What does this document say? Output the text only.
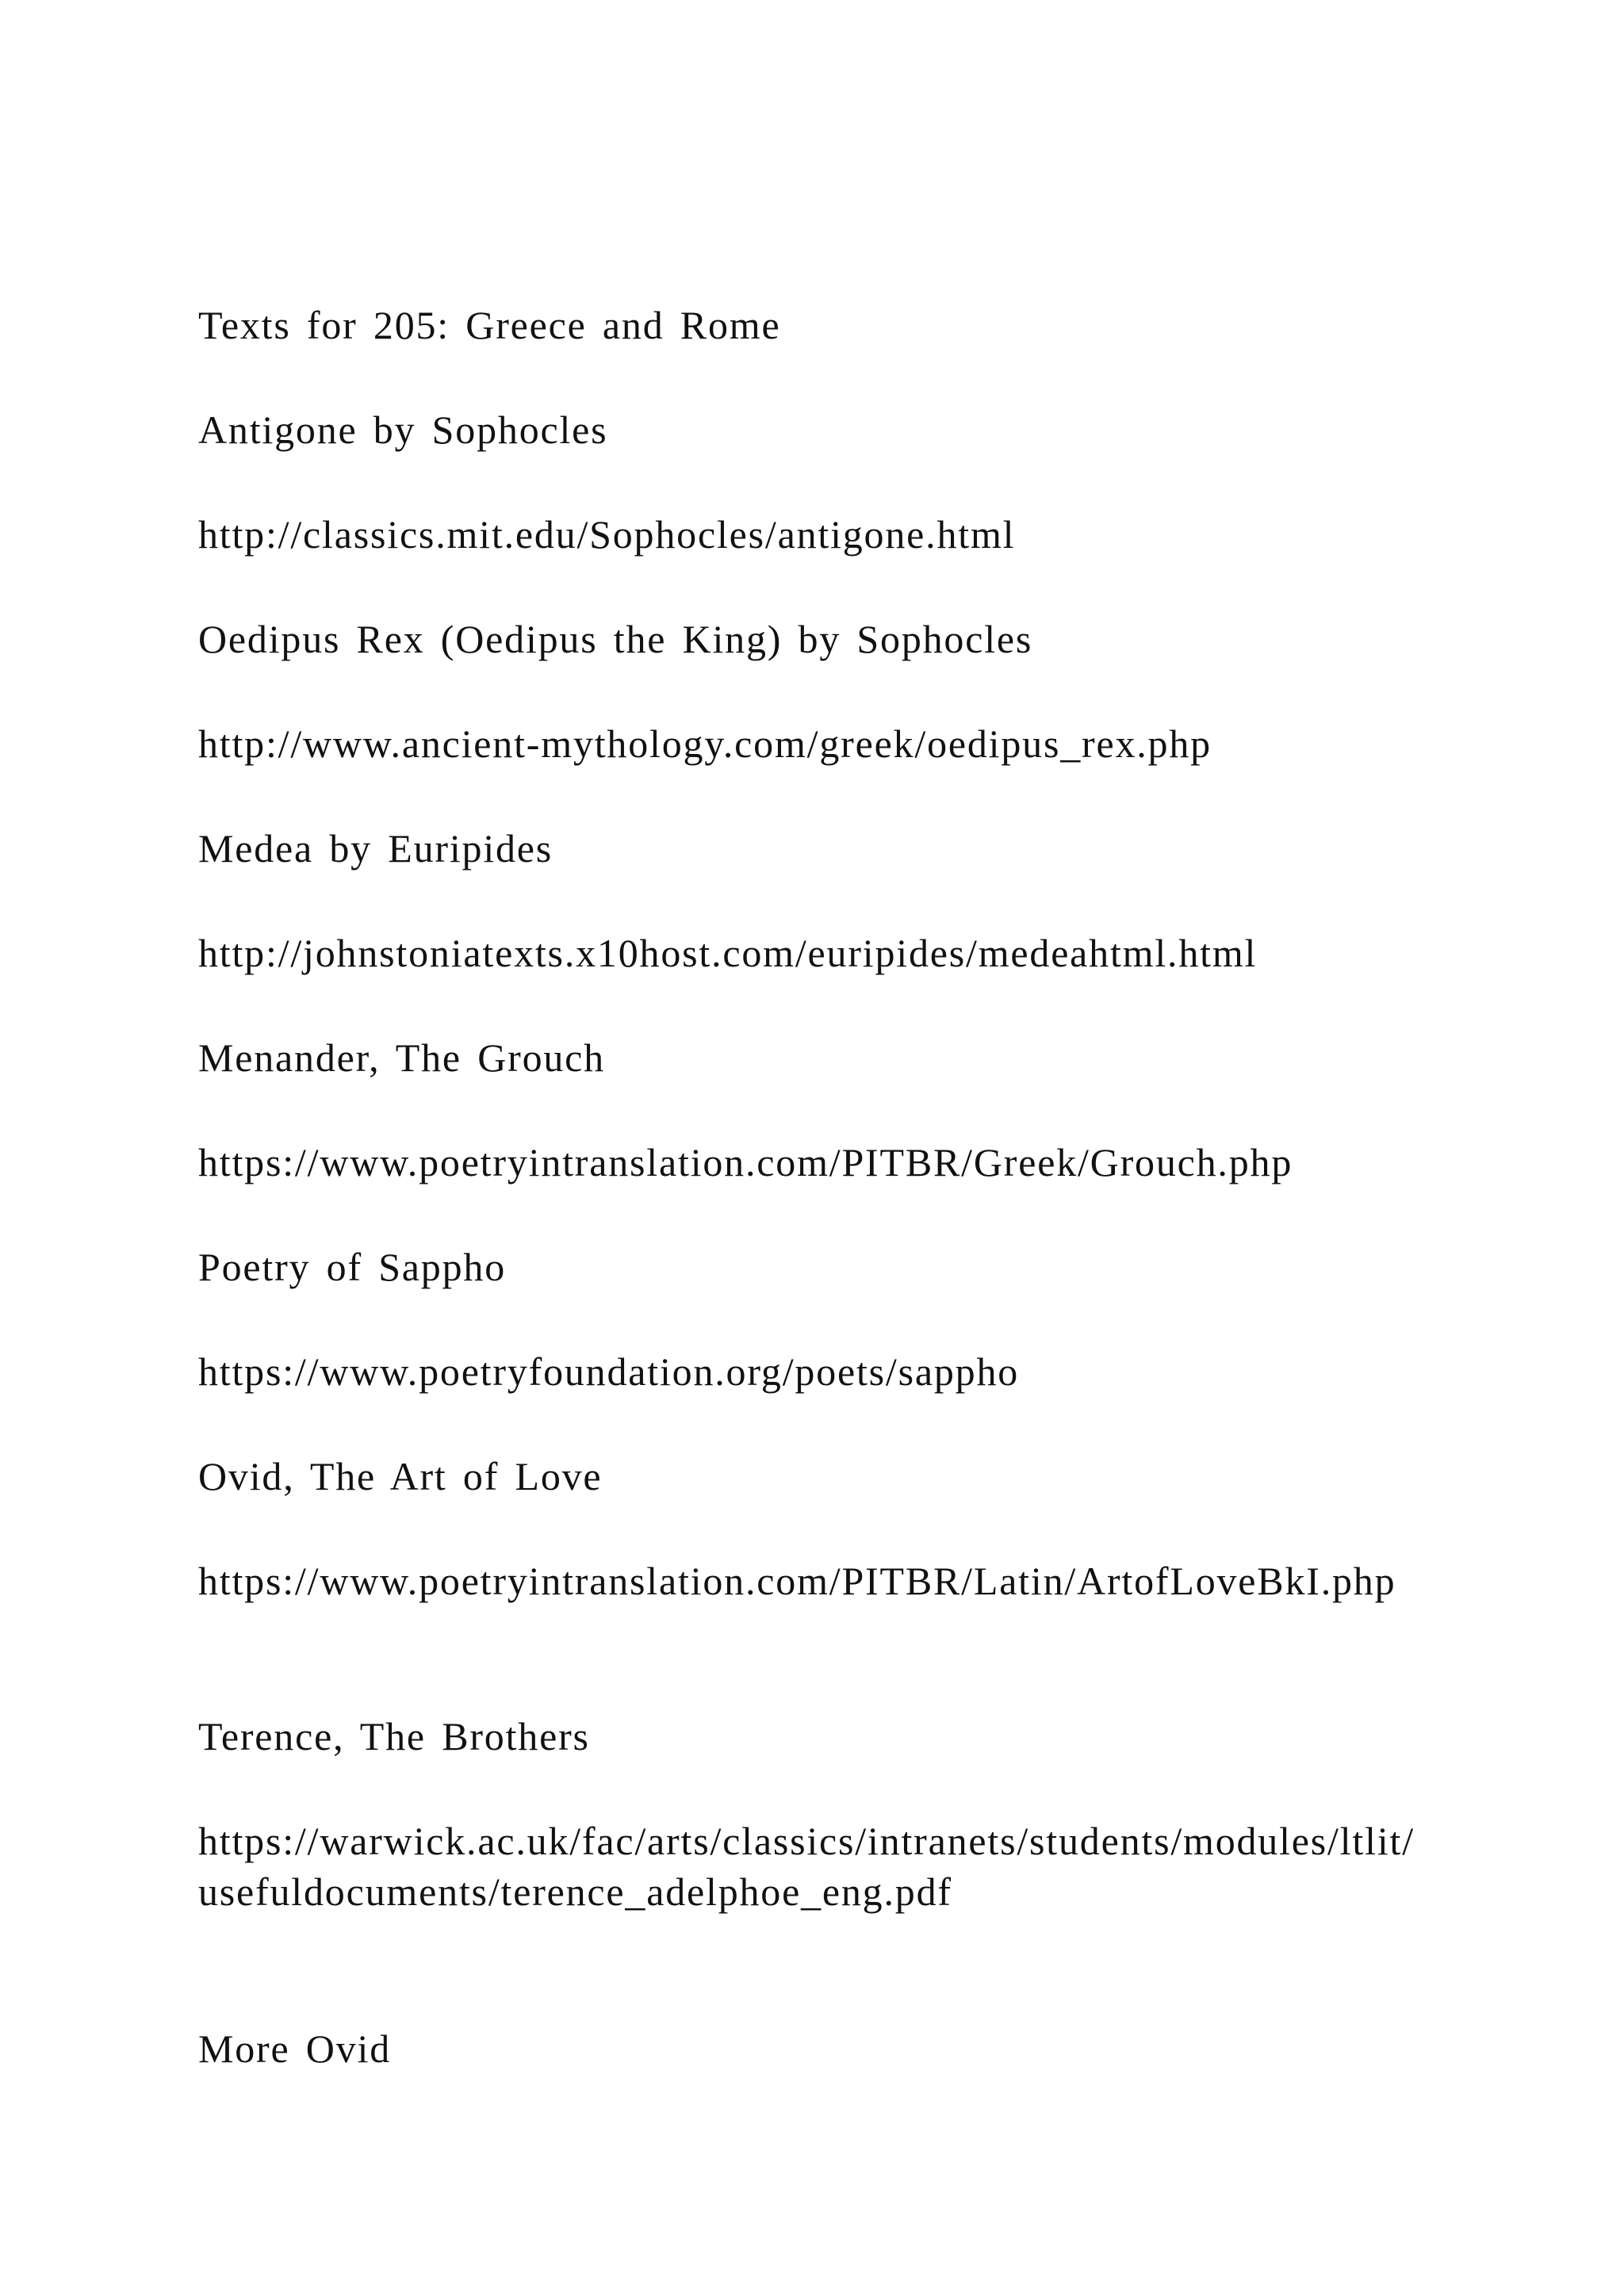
Texts for 205: Greece and Rome

Antigone by Sophocles

http://classics.mit.edu/Sophocles/antigone.html

Oedipus Rex (Oedipus the King) by Sophocles

http://www.ancient-mythology.com/greek/oedipus_rex.php

Medea by Euripides

http://johnstoniatexts.x10host.com/euripides/medeahtml.html

Menander, The Grouch

https://www.poetryintranslation.com/PITBR/Greek/Grouch.php

Poetry of Sappho

https://www.poetryfoundation.org/poets/sappho

Ovid, The Art of Love

https://www.poetryintranslation.com/PITBR/Latin/ArtofLoveBkI.php

Terence, The Brothers

https://warwick.ac.uk/fac/arts/classics/intranets/students/modules/ltlit/usefuldocuments/terence_adelphoe_eng.pdf

More Ovid
